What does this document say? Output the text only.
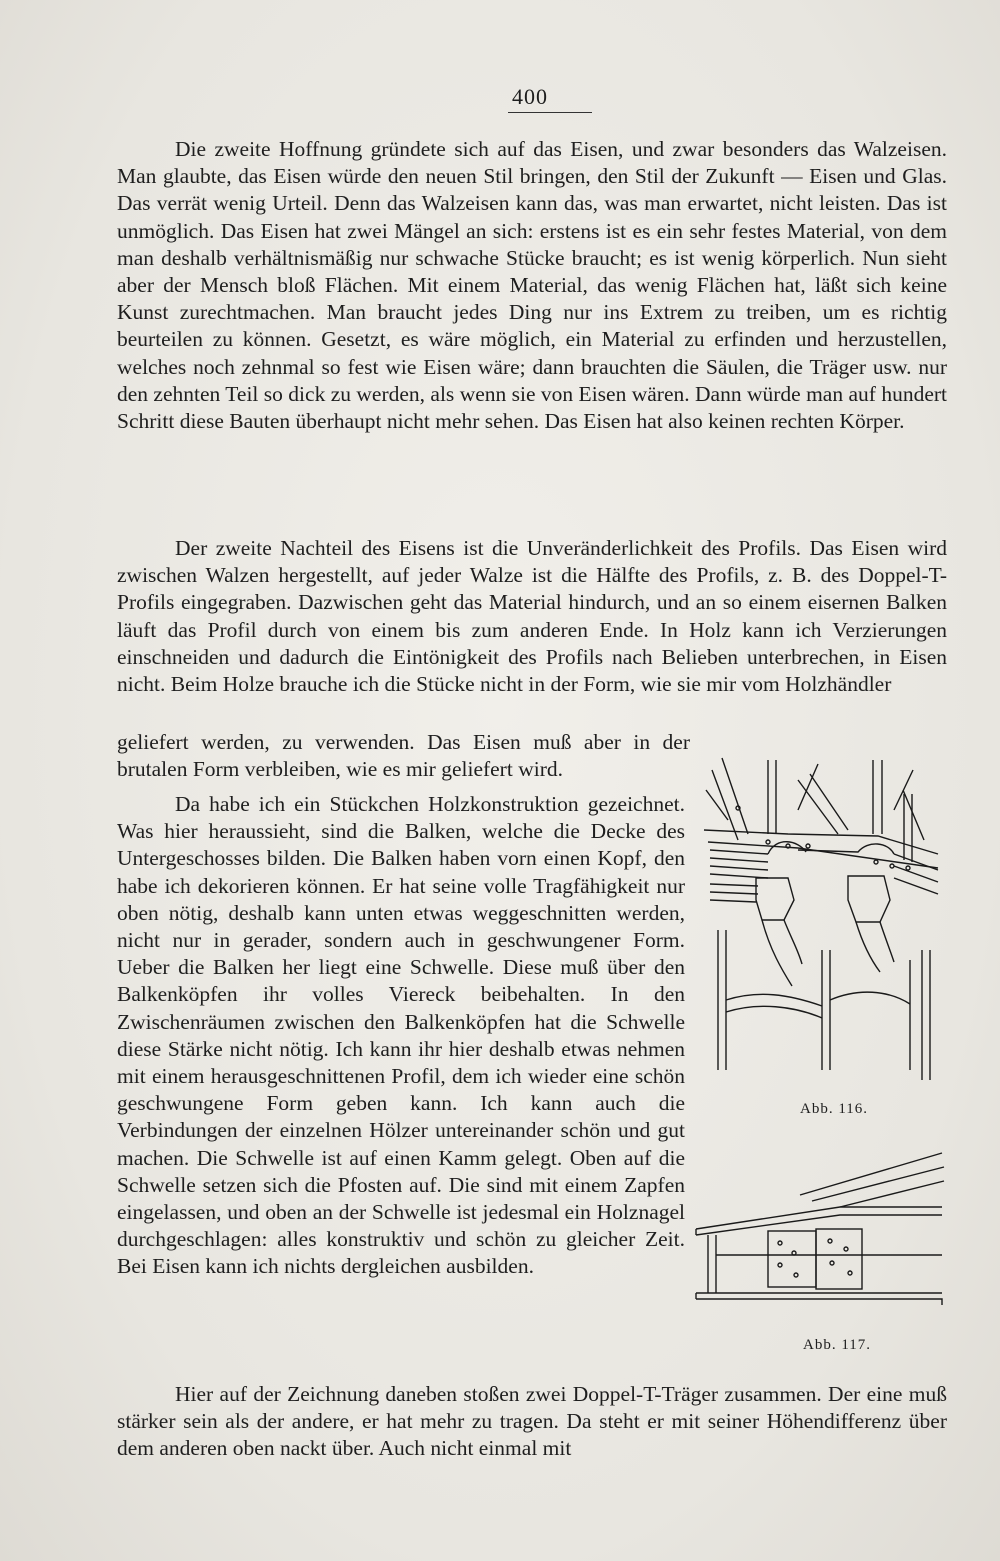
400

Die zweite Hoffnung gründete sich auf das Eisen, und zwar besonders das Walzeisen. Man glaubte, das Eisen würde den neuen Stil bringen, den Stil der Zukunft — Eisen und Glas. Das verrät wenig Urteil. Denn das Walzeisen kann das, was man erwartet, nicht leisten. Das ist unmöglich. Das Eisen hat zwei Mängel an sich: erstens ist es ein sehr festes Material, von dem man deshalb verhältnismäßig nur schwache Stücke braucht; es ist wenig körperlich. Nun sieht aber der Mensch bloß Flächen. Mit einem Material, das wenig Flächen hat, läßt sich keine Kunst zurechtmachen. Man braucht jedes Ding nur ins Extrem zu treiben, um es richtig beurteilen zu können. Gesetzt, es wäre möglich, ein Material zu erfinden und herzustellen, welches noch zehnmal so fest wie Eisen wäre; dann brauchten die Säulen, die Träger usw. nur den zehnten Teil so dick zu werden, als wenn sie von Eisen wären. Dann würde man auf hundert Schritt diese Bauten überhaupt nicht mehr sehen. Das Eisen hat also keinen rechten Körper.

Der zweite Nachteil des Eisens ist die Unveränderlichkeit des Profils. Das Eisen wird zwischen Walzen hergestellt, auf jeder Walze ist die Hälfte des Profils, z. B. des Doppel-T-Profils eingegraben. Dazwischen geht das Material hindurch, und an so einem eisernen Balken läuft das Profil durch von einem bis zum anderen Ende. In Holz kann ich Verzierungen einschneiden und dadurch die Eintönigkeit des Profils nach Belieben unterbrechen, in Eisen nicht. Beim Holze brauche ich die Stücke nicht in der Form, wie sie mir vom Holzhändler

geliefert werden, zu verwenden. Das Eisen muß aber in der brutalen Form verbleiben, wie es mir geliefert wird.

Da habe ich ein Stückchen Holzkonstruktion gezeichnet. Was hier heraussieht, sind die Balken, welche die Decke des Untergeschosses bilden. Die Balken haben vorn einen Kopf, den habe ich dekorieren können. Er hat seine volle Tragfähigkeit nur oben nötig, deshalb kann unten etwas weggeschnitten werden, nicht nur in gerader, sondern auch in geschwungener Form. Ueber die Balken her liegt eine Schwelle. Diese muß über den Balkenköpfen ihr volles Viereck beibehalten. In den Zwischenräumen zwischen den Balkenköpfen hat die Schwelle diese Stärke nicht nötig. Ich kann ihr hier deshalb etwas nehmen mit einem herausgeschnittenen Profil, dem ich wieder eine schön geschwungene Form geben kann. Ich kann auch die Verbindungen der einzelnen Hölzer untereinander schön und gut machen. Die Schwelle ist auf einen Kamm gelegt. Oben auf die Schwelle setzen sich die Pfosten auf. Die sind mit einem Zapfen eingelassen, und oben an der Schwelle ist jedesmal ein Holznagel durchgeschlagen: alles konstruktiv und schön zu gleicher Zeit. Bei Eisen kann ich nichts dergleichen ausbilden.

Hier auf der Zeichnung daneben stoßen zwei Doppel-T-Träger zusammen. Der eine muß stärker sein als der andere, er hat mehr zu tragen. Da steht er mit seiner Höhendifferenz über dem anderen oben nackt über. Auch nicht einmal mit

Abb. 116.
Abb. 117.
